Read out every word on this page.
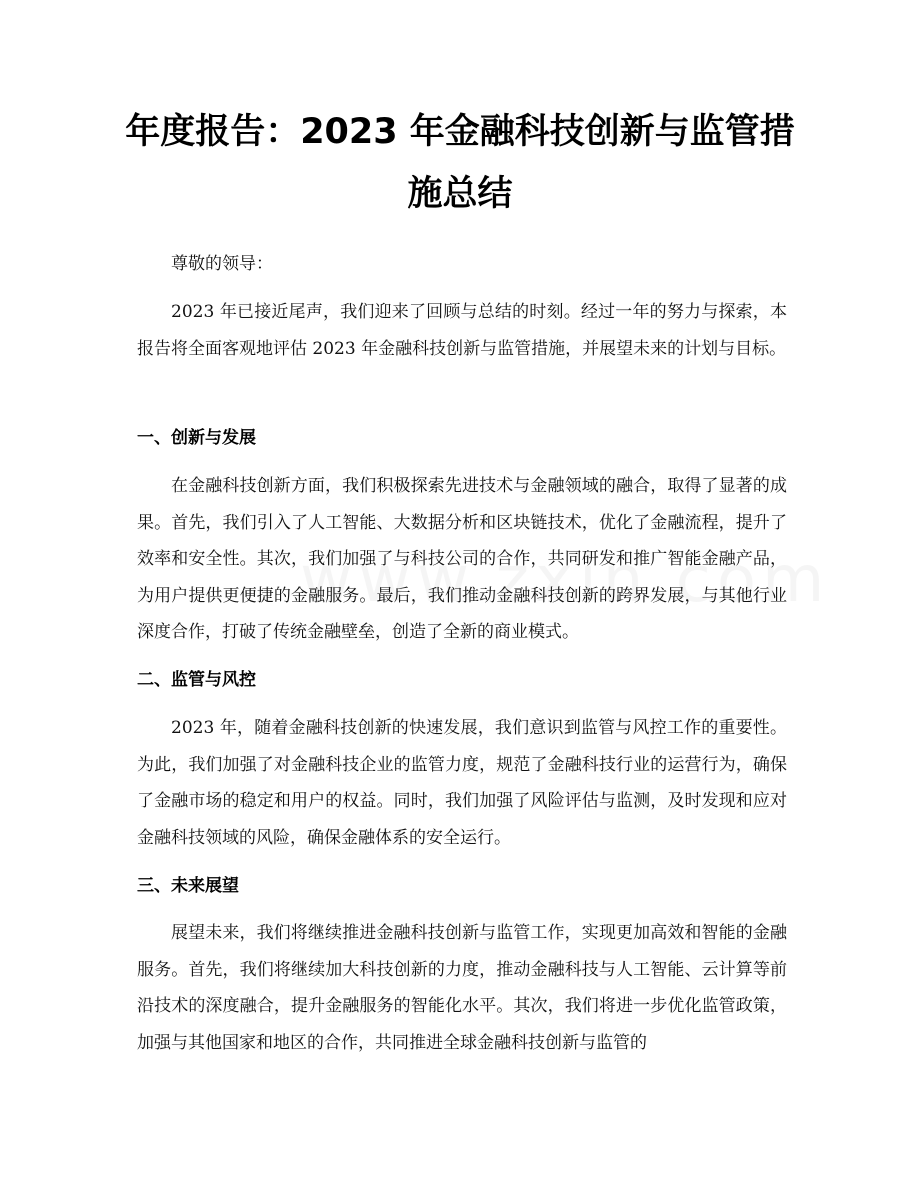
年度报告：2023 年金融科技创新与监管措施总结

尊敬的领导：

2023 年已接近尾声，我们迎来了回顾与总结的时刻。经过一年的努力与探索，本报告将全面客观地评估 2023 年金融科技创新与监管措施，并展望未来的计划与目标。

一、创新与发展

在金融科技创新方面，我们积极探索先进技术与金融领域的融合，取得了显著的成果。首先，我们引入了人工智能、大数据分析和区块链技术，优化了金融流程，提升了效率和安全性。其次，我们加强了与科技公司的合作，共同研发和推广智能金融产品，为用户提供更便捷的金融服务。最后，我们推动金融科技创新的跨界发展，与其他行业深度合作，打破了传统金融壁垒，创造了全新的商业模式。

二、监管与风控

2023 年，随着金融科技创新的快速发展，我们意识到监管与风控工作的重要性。为此，我们加强了对金融科技企业的监管力度，规范了金融科技行业的运营行为，确保了金融市场的稳定和用户的权益。同时，我们加强了风险评估与监测，及时发现和应对金融科技领域的风险，确保金融体系的安全运行。

三、未来展望

展望未来，我们将继续推进金融科技创新与监管工作，实现更加高效和智能的金融服务。首先，我们将继续加大科技创新的力度，推动金融科技与人工智能、云计算等前沿技术的深度融合，提升金融服务的智能化水平。其次，我们将进一步优化监管政策，加强与其他国家和地区的合作，共同推进全球金融科技创新与监管的
